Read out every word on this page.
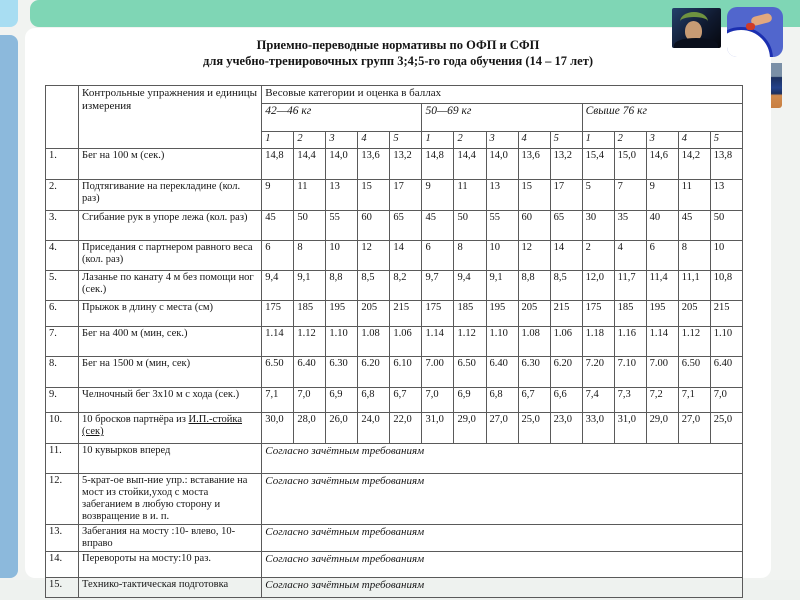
Приемно-переводные нормативы по ОФП и СФП
для учебно-тренировочных групп 3;4;5-го года обучения (14 – 17 лет)
	Контрольные упражнения и единицы измерения	Весовые категории и оценка в баллах														
		42—46 кг					50—69 кг					Свыше 76 кг				
		1	2	3	4	5	1	2	3	4	5	1	2	3	4	5
1.	Бег на 100 м (сек.)	14,8	14,4	14,0	13,6	13,2	14,8	14,4	14,0	13,6	13,2	15,4	15,0	14,6	14,2	13,8
2.	Подтягивание на перекладине (кол. раз)	9	11	13	15	17	9	11	13	15	17	5	7	9	11	13
3.	Сгибание рук в упоре лежа (кол. раз)	45	50	55	60	65	45	50	55	60	65	30	35	40	45	50
4.	Приседания с партнером равного веса (кол. раз)	6	8	10	12	14	6	8	10	12	14	2	4	6	8	10
5.	Лазанье по канату 4 м без помощи ног (сек.)	9,4	9,1	8,8	8,5	8,2	9,7	9,4	9,1	8,8	8,5	12,0	11,7	11,4	11,1	10,8
6.	Прыжок в длину с места (см)	175	185	195	205	215	175	185	195	205	215	175	185	195	205	215
7.	Бег на 400 м (мин, сек.)	1.14	1.12	1.10	1.08	1.06	1.14	1.12	1.10	1.08	1.06	1.18	1.16	1.14	1.12	1.10
8.	Бег на 1500 м (мин, сек)	6.50	6.40	6.30	6.20	6.10	7.00	6.50	6.40	6.30	6.20	7.20	7.10	7.00	6.50	6.40
9.	Челночный бег 3х10 м с хода (сек.)	7,1	7,0	6,9	6,8	6,7	7,0	6,9	6,8	6,7	6,6	7,4	7,3	7,2	7,1	7,0
10.	10 бросков партнёра из И.П.-стойка (сек)	30,0	28,0	26,0	24,0	22,0	31,0	29,0	27,0	25,0	23,0	33,0	31,0	29,0	27,0	25,0
11.	10 кувырков вперед	Согласно зачётным требованиям														
12.	5-крат-ое вып-ние упр.: вставание на мост из стойки,уход с моста забеганием в любую сторону и возвращение в и. п.	Согласно зачётным требованиям														
13.	Забегания на мосту :10- влево, 10- вправо	Согласно зачётным требованиям														
14.	Перевороты на мосту:10 раз.	Согласно зачётным требованиям														
15.	Технико-тактическая подготовка	Согласно зачётным требованиям														
